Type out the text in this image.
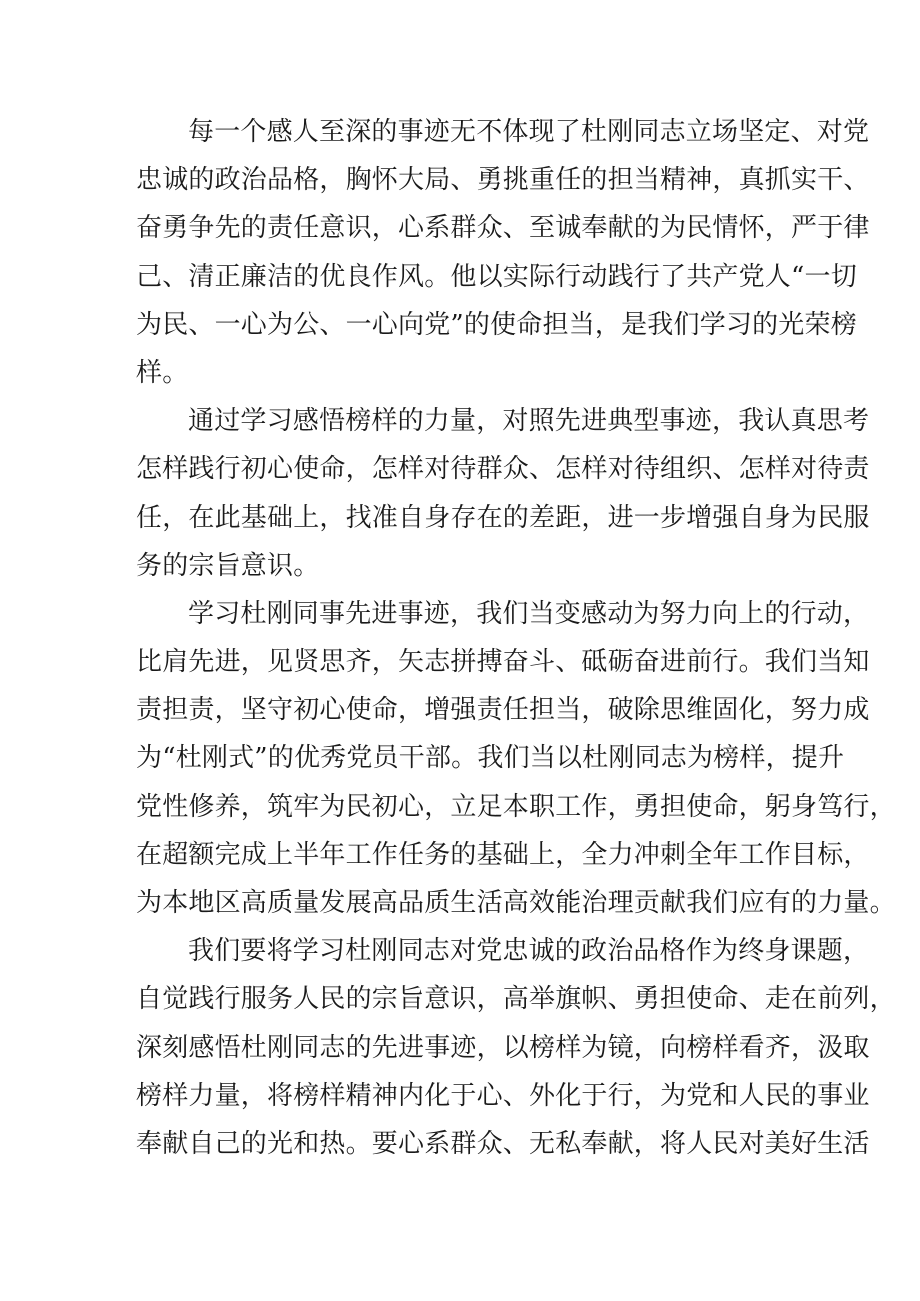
每一个感人至深的事迹无不体现了杜刚同志立场坚定、对党
忠诚的政治品格，胸怀大局、勇挑重任的担当精神，真抓实干、
奋勇争先的责任意识，心系群众、至诚奉献的为民情怀，严于律
己、清正廉洁的优良作风。他以实际行动践行了共产党人“一切
为民、一心为公、一心向党”的使命担当，是我们学习的光荣榜
样。
通过学习感悟榜样的力量，对照先进典型事迹，我认真思考
怎样践行初心使命，怎样对待群众、怎样对待组织、怎样对待责
任，在此基础上，找准自身存在的差距，进一步增强自身为民服
务的宗旨意识。
学习杜刚同事先进事迹，我们当变感动为努力向上的行动，
比肩先进，见贤思齐，矢志拼搏奋斗、砥砺奋进前行。我们当知
责担责，坚守初心使命，增强责任担当，破除思维固化，努力成
为“杜刚式”的优秀党员干部。我们当以杜刚同志为榜样，提升
党性修养，筑牢为民初心，立足本职工作，勇担使命，躬身笃行，
在超额完成上半年工作任务的基础上，全力冲刺全年工作目标，
为本地区高质量发展高品质生活高效能治理贡献我们应有的力量。
我们要将学习杜刚同志对党忠诚的政治品格作为终身课题，
自觉践行服务人民的宗旨意识，高举旗帜、勇担使命、走在前列，
深刻感悟杜刚同志的先进事迹，以榜样为镜，向榜样看齐，汲取
榜样力量，将榜样精神内化于心、外化于行，为党和人民的事业
奉献自己的光和热。要心系群众、无私奉献，将人民对美好生活
